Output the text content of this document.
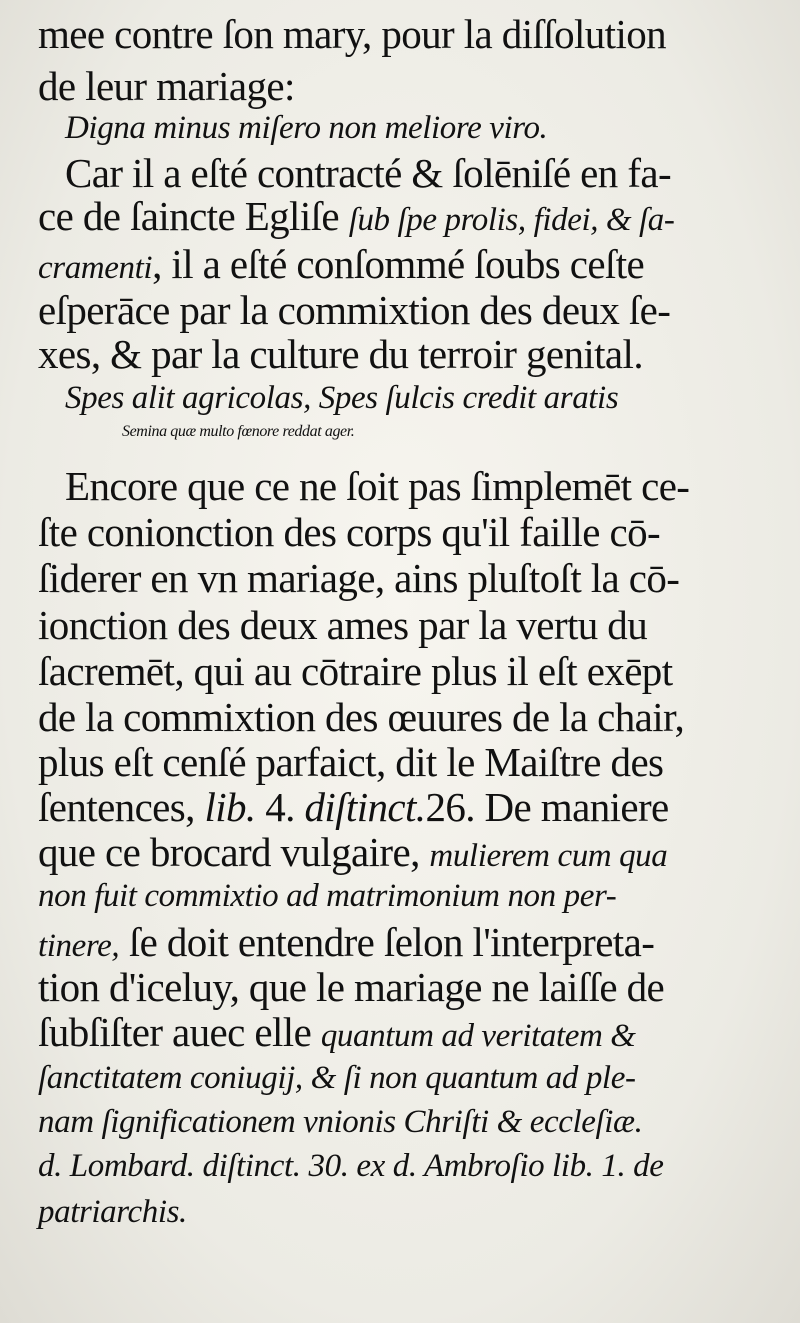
mee contre ſon mary, pour la diſſolution
de leur mariage:
Digna minus miſero non meliore viro.
Car il a eſté contracté & ſolēniſé en fa-
ce de ſaincte Egliſe ſub ſpe prolis, fidei, & ſa-
cramenti, il a eſté conſommé ſoubs ceſte
eſperāce par la commixtion des deux ſe-
xes, & par la culture du terroir genital.
Spes alit agricolas, Spes ſulcis credit aratis
Semina quæ multo fœnore reddat ager.
Encore que ce ne ſoit pas ſimplemēt ce-
ſte conionction des corps qu'il faille cō-
ſiderer en vn mariage, ains pluſtoſt la cō-
ionction des deux ames par la vertu du
ſacremēt, qui au cōtraire plus il eſt exēpt
de la commixtion des œuures de la chair,
plus eſt cenſé parfaict, dit le Maiſtre des
ſentences, lib. 4. diſtinct.26. De maniere
que ce brocard vulgaire, mulierem cum qua
non fuit commixtio ad matrimonium non per-
tinere, ſe doit entendre ſelon l'interpreta-
tion d'iceluy, que le mariage ne laiſſe de
ſubſiſter auec elle quantum ad veritatem &
ſanctitatem coniugij, & ſi non quantum ad ple-
nam ſignificationem vnionis Chriſti & eccleſiæ.
d. Lombard. diſtinct. 30. ex d. Ambroſio lib. 1. de
patriarchis.
